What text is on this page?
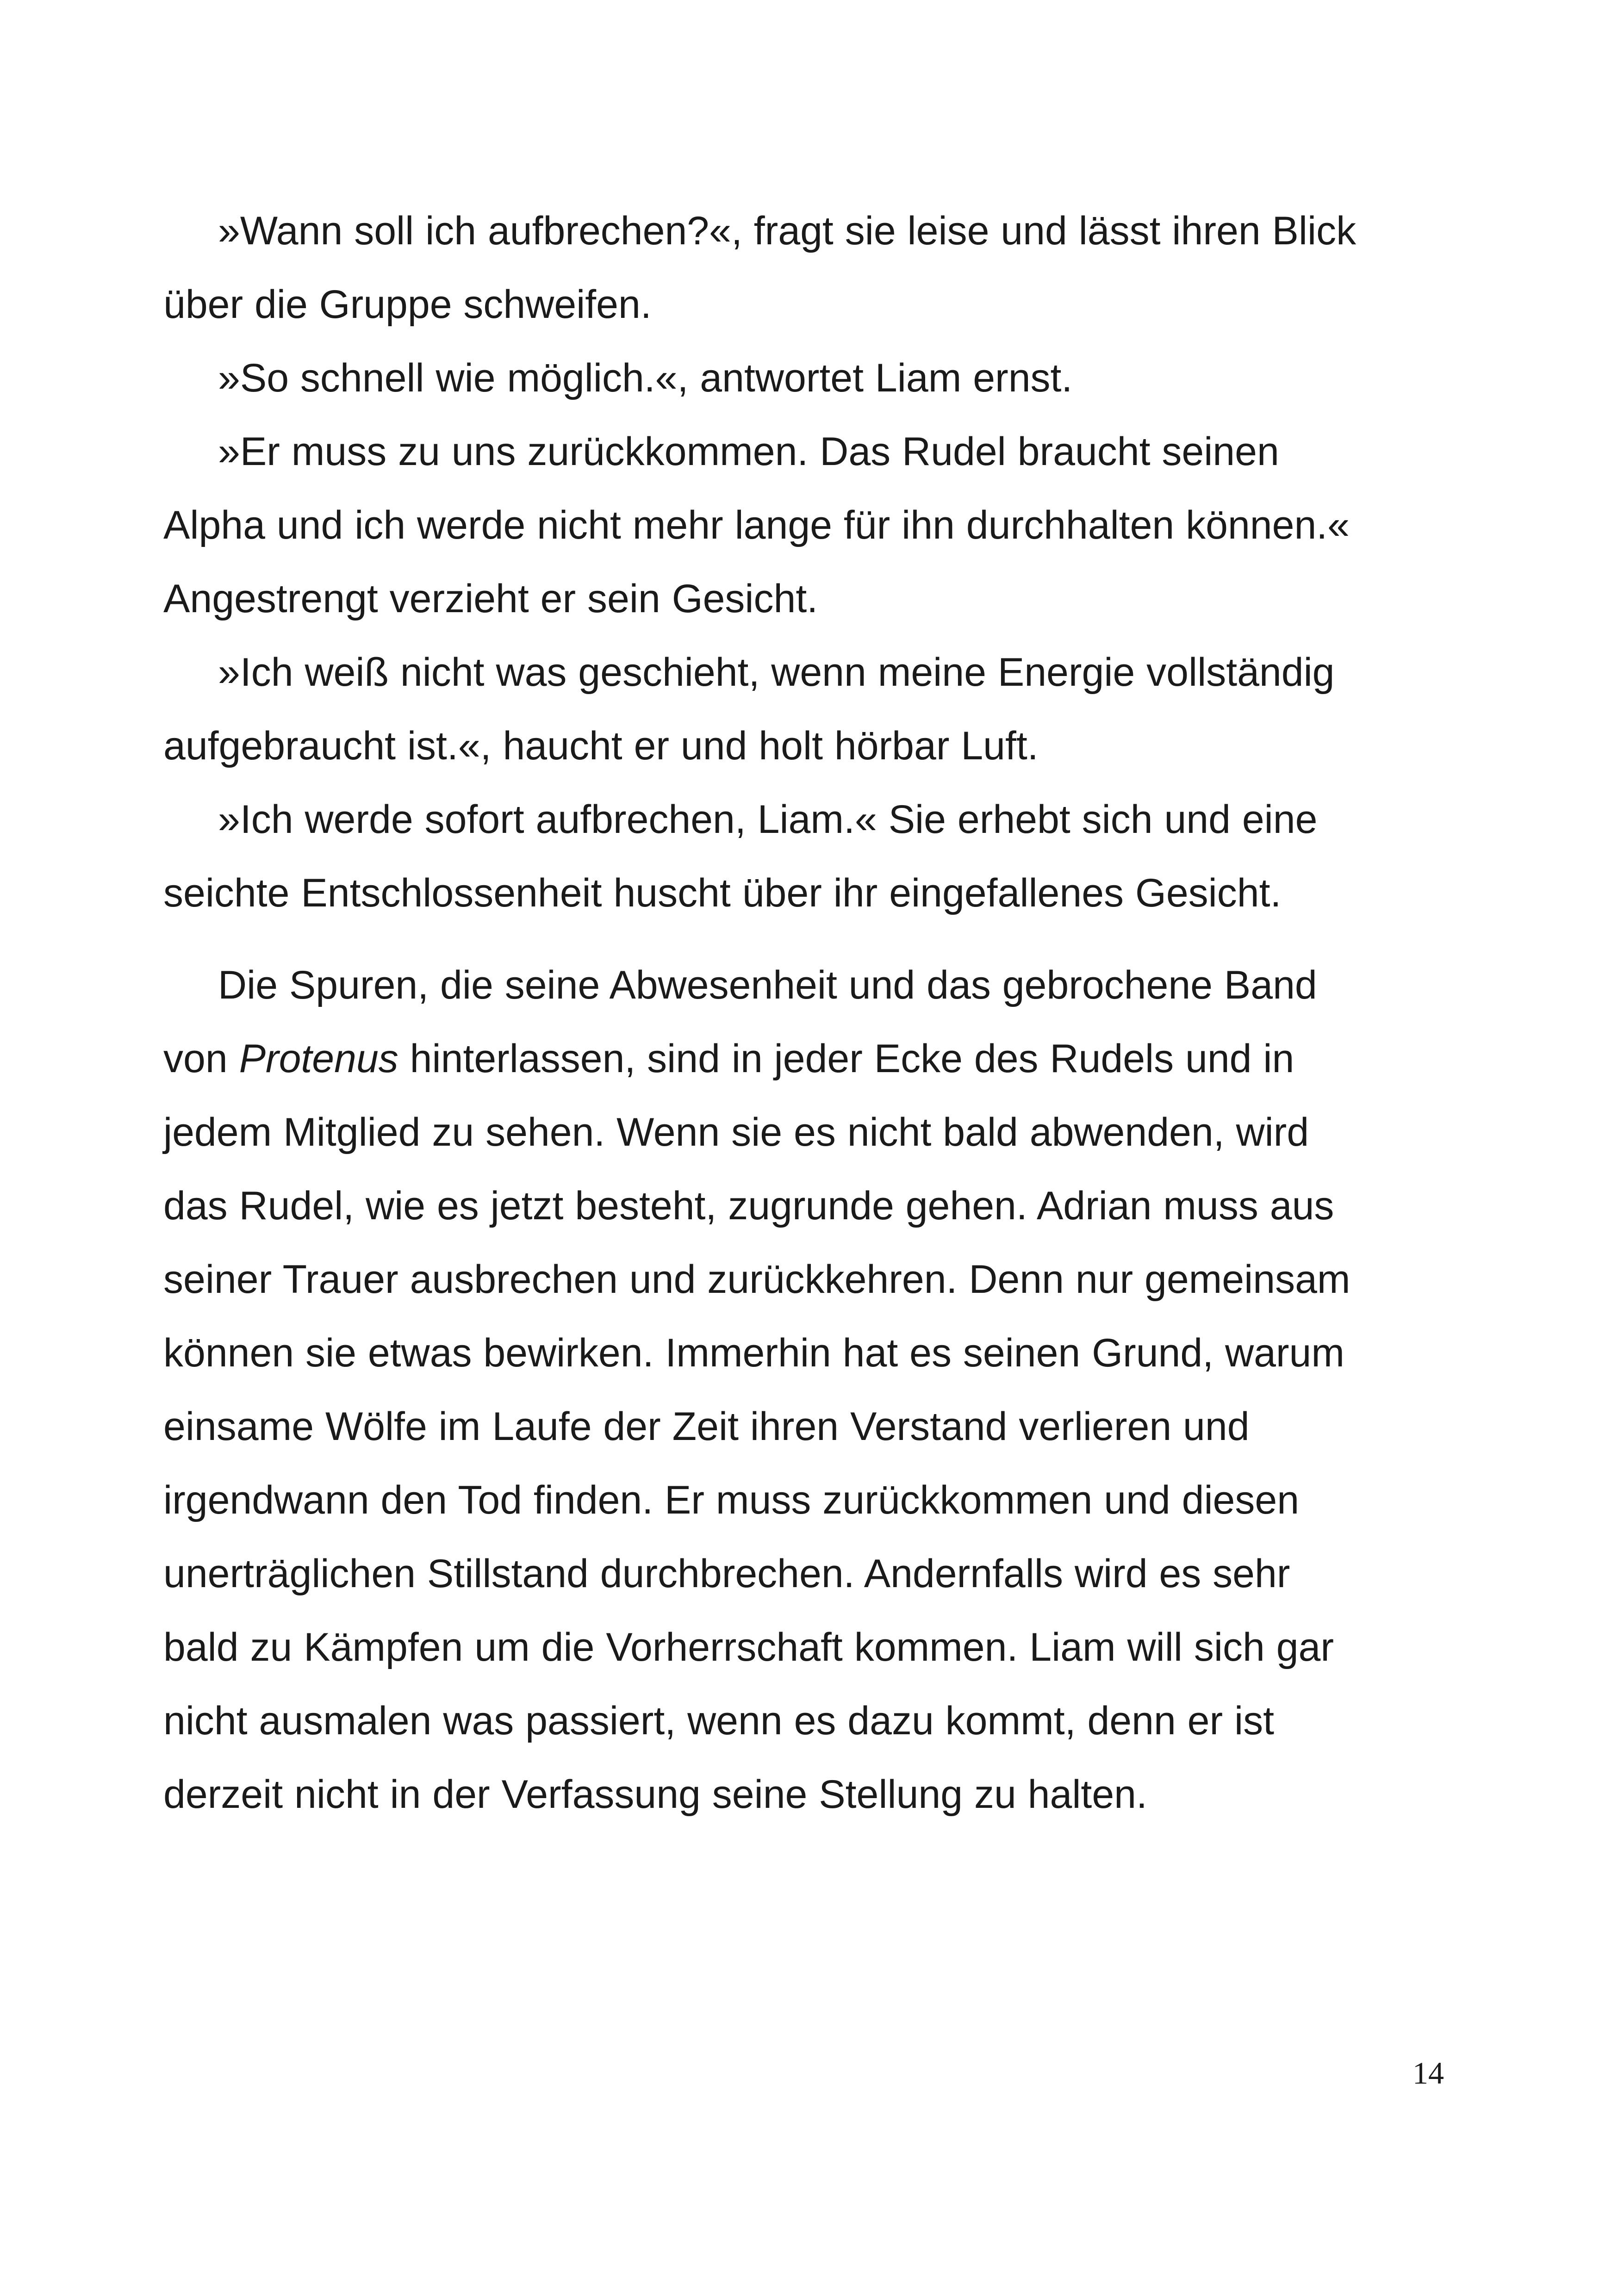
»Wann soll ich aufbrechen?«, fragt sie leise und lässt ihren Blick
über die Gruppe schweifen.
»So schnell wie möglich.«, antwortet Liam ernst.
»Er muss zu uns zurückkommen. Das Rudel braucht seinen
Alpha und ich werde nicht mehr lange für ihn durchhalten können.«
Angestrengt verzieht er sein Gesicht.
»Ich weiß nicht was geschieht, wenn meine Energie vollständig
aufgebraucht ist.«, haucht er und holt hörbar Luft.
»Ich werde sofort aufbrechen, Liam.« Sie erhebt sich und eine
seichte Entschlossenheit huscht über ihr eingefallenes Gesicht.
Die Spuren, die seine Abwesenheit und das gebrochene Band
von Protenus hinterlassen, sind in jeder Ecke des Rudels und in
jedem Mitglied zu sehen. Wenn sie es nicht bald abwenden, wird
das Rudel, wie es jetzt besteht, zugrunde gehen. Adrian muss aus
seiner Trauer ausbrechen und zurückkehren. Denn nur gemeinsam
können sie etwas bewirken. Immerhin hat es seinen Grund, warum
einsame Wölfe im Laufe der Zeit ihren Verstand verlieren und
irgendwann den Tod finden. Er muss zurückkommen und diesen
unerträglichen Stillstand durchbrechen. Andernfalls wird es sehr
bald zu Kämpfen um die Vorherrschaft kommen. Liam will sich gar
nicht ausmalen was passiert, wenn es dazu kommt, denn er ist
derzeit nicht in der Verfassung seine Stellung zu halten.
14
